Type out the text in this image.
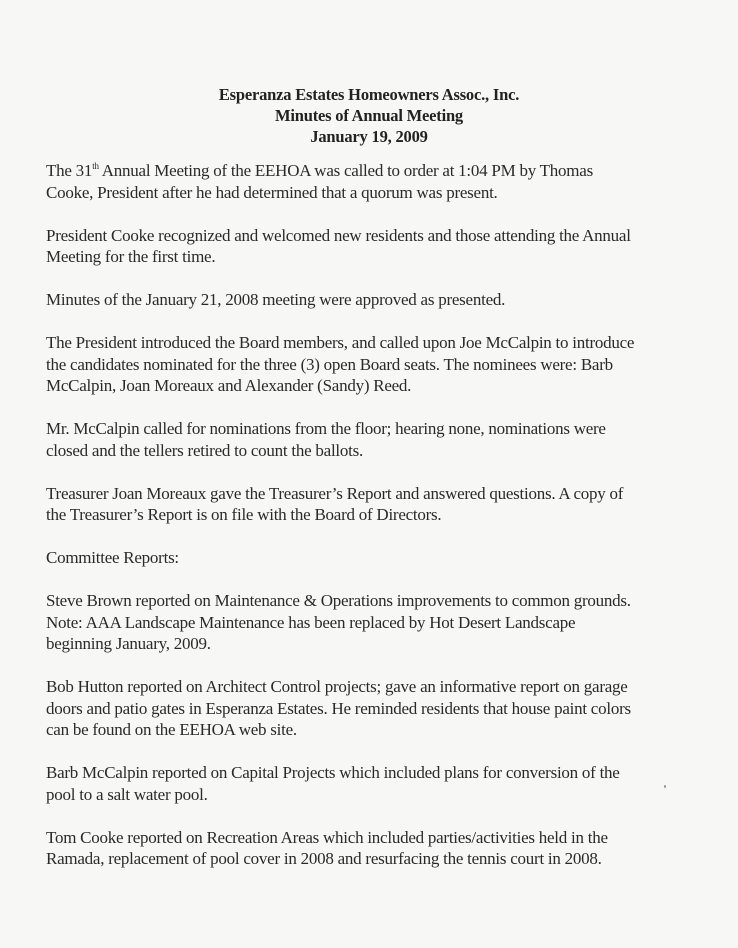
Esperanza Estates Homeowners Assoc., Inc.
Minutes of Annual Meeting
January 19, 2009

The 31th Annual Meeting of the EEHOA was called to order at 1:04 PM by Thomas
Cooke, President after he had determined that a quorum was present.

President Cooke recognized and welcomed new residents and those attending the Annual
Meeting for the first time.

Minutes of the January 21, 2008 meeting were approved as presented.

The President introduced the Board members, and called upon Joe McCalpin to introduce
the candidates nominated for the three (3) open Board seats. The nominees were: Barb
McCalpin, Joan Moreaux and Alexander (Sandy) Reed.

Mr. McCalpin called for nominations from the floor; hearing none, nominations were
closed and the tellers retired to count the ballots.

Treasurer Joan Moreaux gave the Treasurer’s Report and answered questions. A copy of
the Treasurer’s Report is on file with the Board of Directors.

Committee Reports:

Steve Brown reported on Maintenance & Operations improvements to common grounds.
Note: AAA Landscape Maintenance has been replaced by Hot Desert Landscape
beginning January, 2009.

Bob Hutton reported on Architect Control projects; gave an informative report on garage
doors and patio gates in Esperanza Estates. He reminded residents that house paint colors
can be found on the EEHOA web site.

Barb McCalpin reported on Capital Projects which included plans for conversion of the
pool to a salt water pool.

Tom Cooke reported on Recreation Areas which included parties/activities held in the
Ramada, replacement of pool cover in 2008 and resurfacing the tennis court in 2008.
